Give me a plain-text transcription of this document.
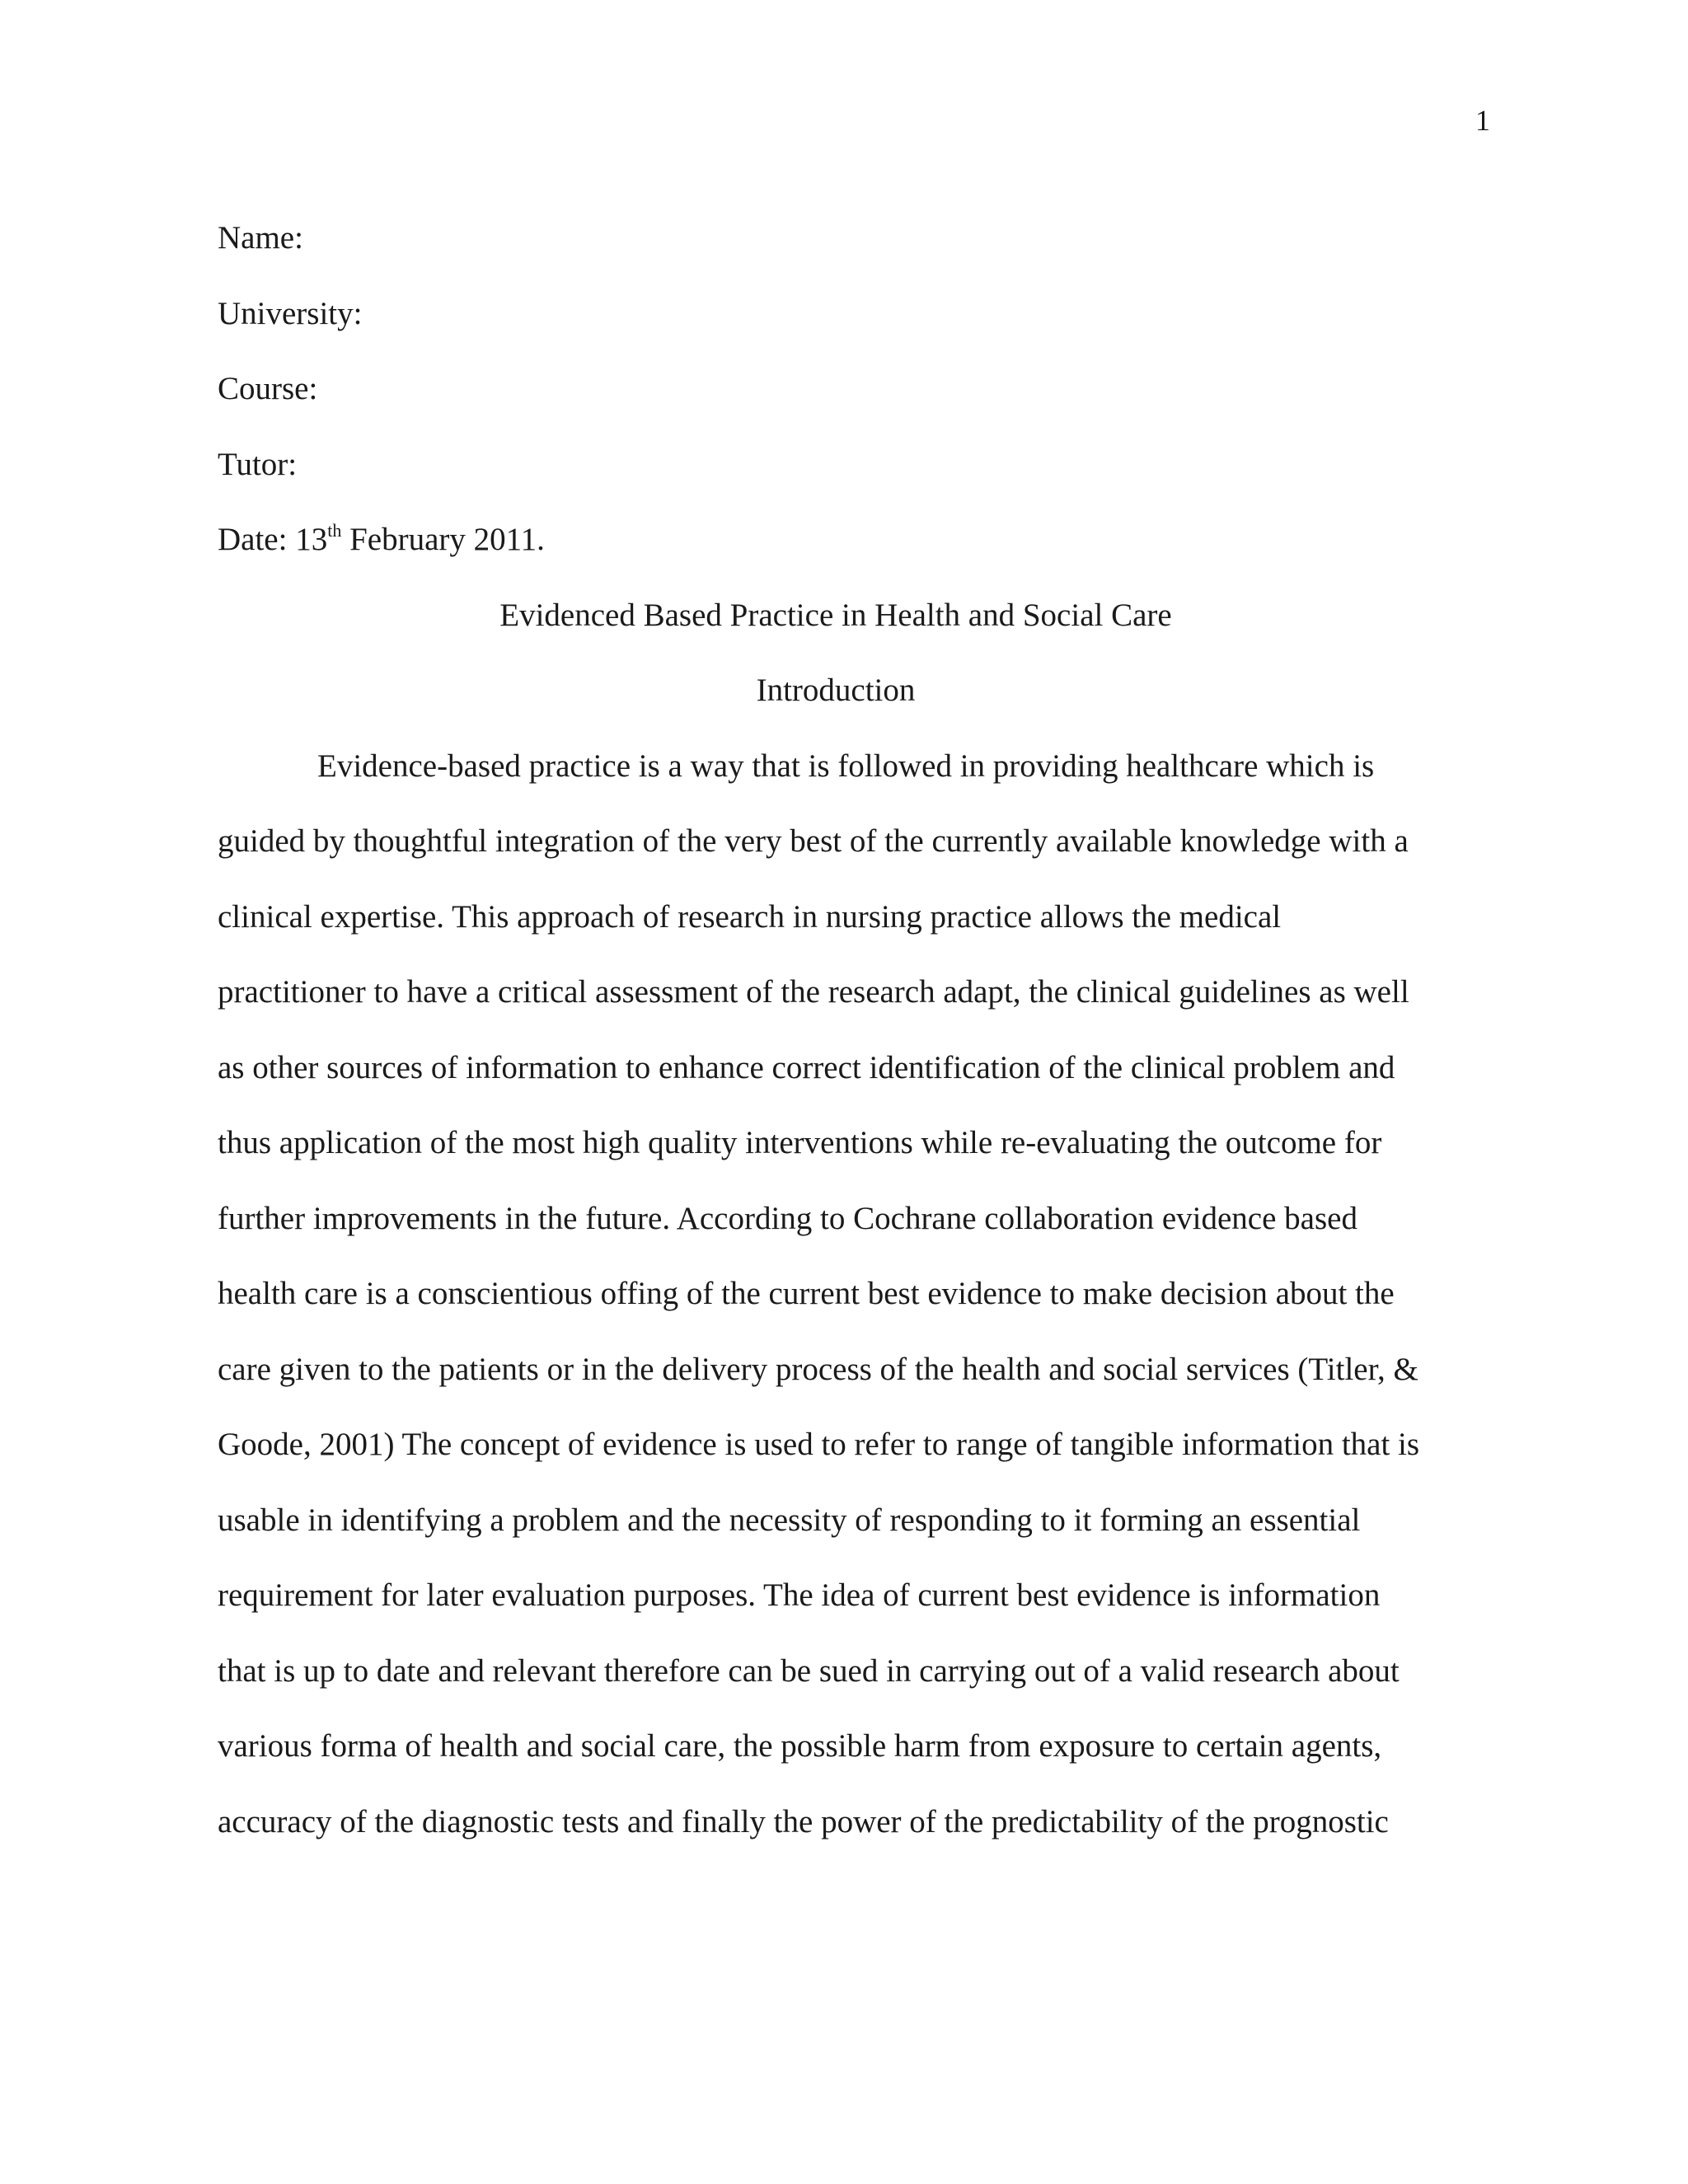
1
Name:
University:
Course:
Tutor:
Date: 13th February 2011.
Evidenced Based Practice in Health and Social Care
Introduction
Evidence-based practice is a way that is followed in providing healthcare which is
guided by thoughtful integration of the very best of the currently available knowledge with a
clinical expertise. This approach of research in nursing practice allows the medical
practitioner to have a critical assessment of the research adapt, the clinical guidelines as well
as other sources of information to enhance correct identification of the clinical problem and
thus application of the most high quality interventions while re-evaluating the outcome for
further improvements in the future. According to Cochrane collaboration evidence based
health care is a conscientious offing of the current best evidence to make decision about the
care given to the patients or in the delivery process of the health and social services (Titler, &
Goode, 2001) The concept of evidence is used to refer to range of tangible information that is
usable in identifying a problem and the necessity of responding to it forming an essential
requirement for later evaluation purposes. The idea of current best evidence is information
that is up to date and relevant therefore can be sued in carrying out of a valid research about
various forma of health and social care, the possible harm from exposure to certain agents,
accuracy of the diagnostic tests and finally the power of the predictability of the prognostic
